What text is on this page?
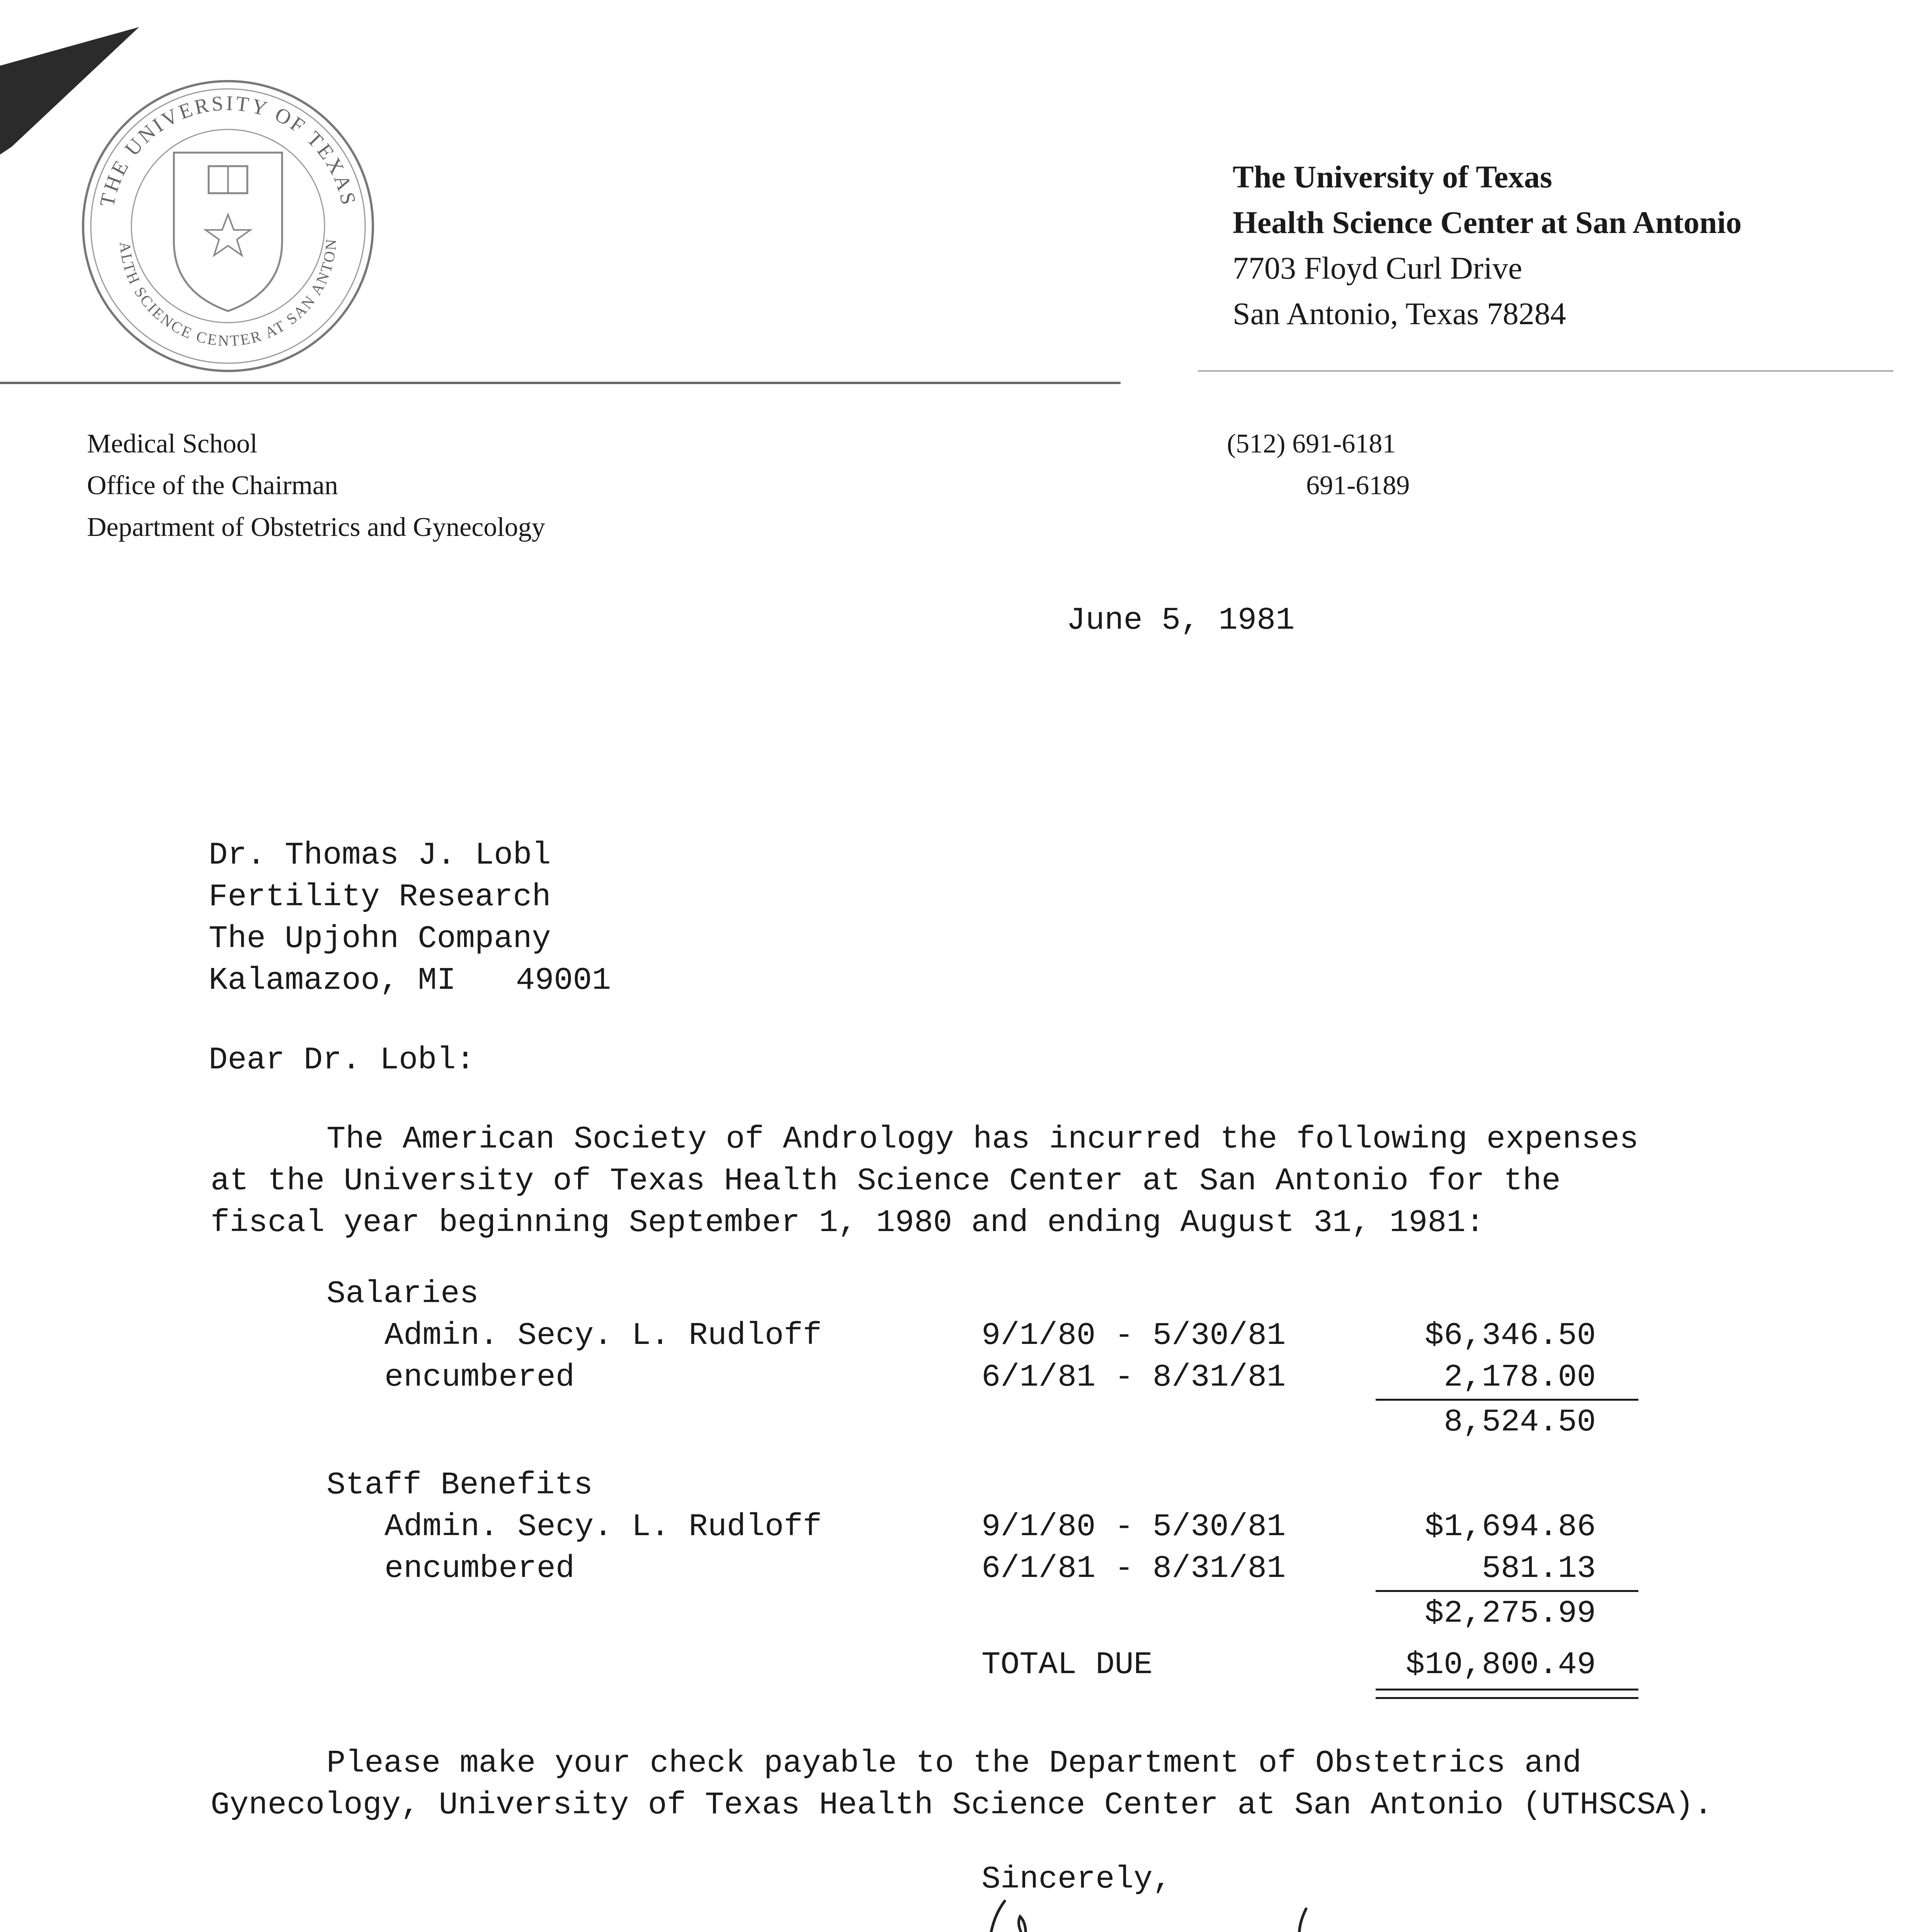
THE UNIVERSITY OF TEXAS
ALTH SCIENCE CENTER AT SAN ANTON
The University of Texas
Health Science Center at San Antonio
7703 Floyd Curl Drive
San Antonio, Texas 78284
Medical School
Office of the Chairman
Department of Obstetrics and Gynecology
(512) 691-6181
691-6189
June 5, 1981
Dr. Thomas J. Lobl
Fertility Research
The Upjohn Company
Kalamazoo, MI 49001
Dear Dr. Lobl:
The American Society of Andrology has incurred the following expenses
at the University of Texas Health Science Center at San Antonio for the
fiscal year beginning September 1, 1980 and ending August 31, 1981:
Salaries
Admin. Secy. L. Rudloff	9/1/80 - 5/30/81	$6,346.50
encumbered	6/1/81 - 8/31/81	2,178.00
8,524.50
Staff Benefits
Admin. Secy. L. Rudloff	9/1/80 - 5/30/81	$1,694.86
encumbered	6/1/81 - 8/31/81	581.13
$2,275.99
TOTAL DUE	$10,800.49
Please make your check payable to the Department of Obstetrics and
Gynecology, University of Texas Health Science Center at San Antonio (UTHSCSA).
Sincerely,
